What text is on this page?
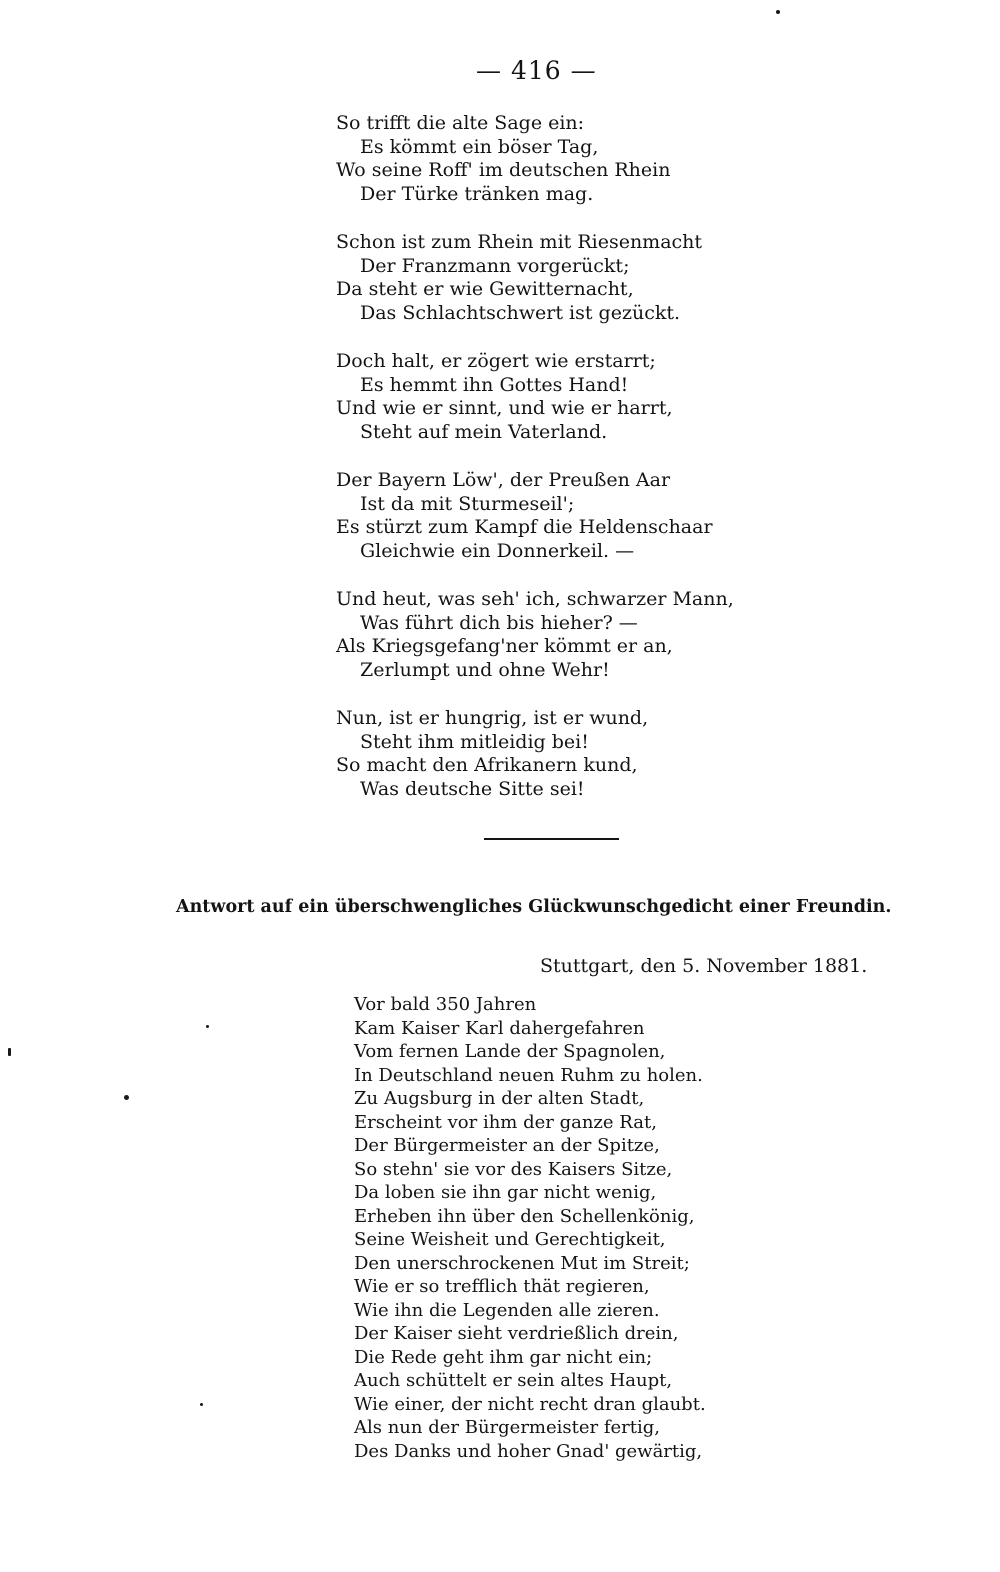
— 416 —
So trifft die alte Sage ein:
Es kömmt ein böser Tag,
Wo seine Roff' im deutschen Rhein
Der Türke tränken mag.
Schon ist zum Rhein mit Riesenmacht
Der Franzmann vorgerückt;
Da steht er wie Gewitternacht,
Das Schlachtschwert ist gezückt.
Doch halt, er zögert wie erstarrt;
Es hemmt ihn Gottes Hand!
Und wie er sinnt, und wie er harrt,
Steht auf mein Vaterland.
Der Bayern Löw', der Preußen Aar
Ist da mit Sturmeseil';
Es stürzt zum Kampf die Heldenschaar
Gleichwie ein Donnerkeil. —
Und heut, was seh' ich, schwarzer Mann,
Was führt dich bis hieher? —
Als Kriegsgefang'ner kömmt er an,
Zerlumpt und ohne Wehr!
Nun, ist er hungrig, ist er wund,
Steht ihm mitleidig bei!
So macht den Afrikanern kund,
Was deutsche Sitte sei!
Antwort auf ein überschwengliches Glückwunschgedicht einer Freundin.
Stuttgart, den 5. November 1881.
Vor bald 350 Jahren
Kam Kaiser Karl dahergefahren
Vom fernen Lande der Spagnolen,
In Deutschland neuen Ruhm zu holen.
Zu Augsburg in der alten Stadt,
Erscheint vor ihm der ganze Rat,
Der Bürgermeister an der Spitze,
So stehn' sie vor des Kaisers Sitze,
Da loben sie ihn gar nicht wenig,
Erheben ihn über den Schellenkönig,
Seine Weisheit und Gerechtigkeit,
Den unerschrockenen Mut im Streit;
Wie er so trefflich thät regieren,
Wie ihn die Legenden alle zieren.
Der Kaiser sieht verdrießlich drein,
Die Rede geht ihm gar nicht ein;
Auch schüttelt er sein altes Haupt,
Wie einer, der nicht recht dran glaubt.
Als nun der Bürgermeister fertig,
Des Danks und hoher Gnad' gewärtig,
